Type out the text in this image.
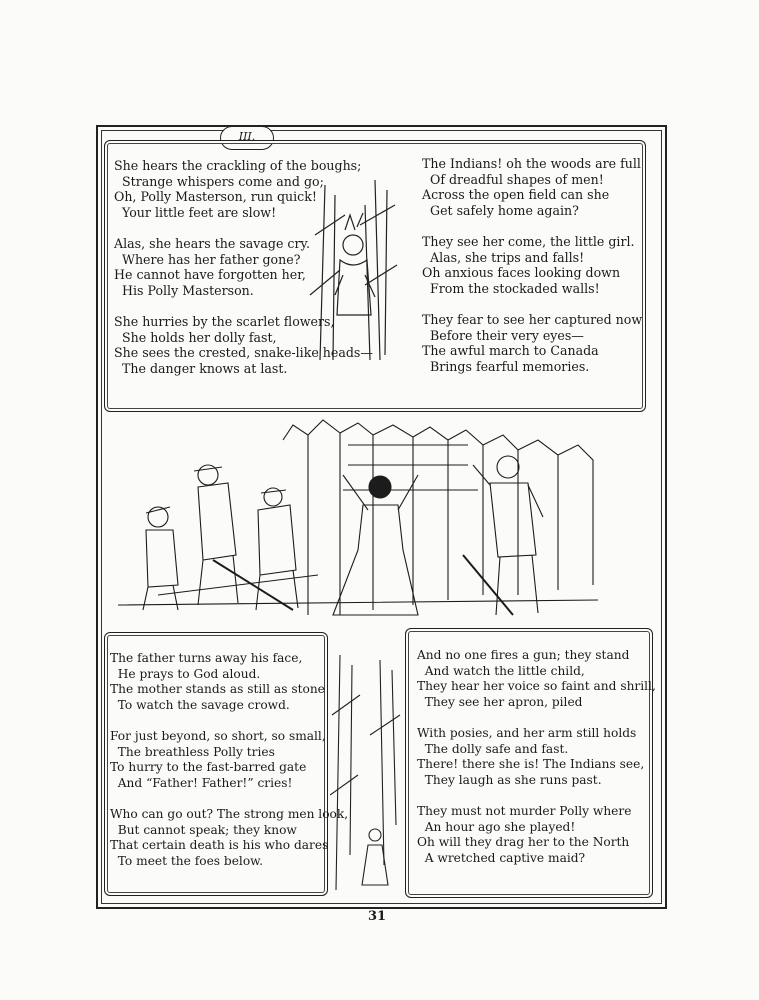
III.
She hears the crackling of the boughs;
Strange whispers come and go;
Oh, Polly Masterson, run quick!
Your little feet are slow!

Alas, she hears the savage cry.
Where has her father gone?
He cannot have forgotten her,
His Polly Masterson.

She hurries by the scarlet flowers,
She holds her dolly fast,
She sees the crested, snake-like heads—
The danger knows at last.
The Indians! oh the woods are full
Of dreadful shapes of men!
Across the open field can she
Get safely home again?

They see her come, the little girl.
Alas, she trips and falls!
Oh anxious faces looking down
From the stockaded walls!

They fear to see her captured now
Before their very eyes—
The awful march to Canada
Brings fearful memories.
The father turns away his face,
He prays to God aloud.
The mother stands as still as stone
To watch the savage crowd.

For just beyond, so short, so small,
The breathless Polly tries
To hurry to the fast-barred gate
And “Father! Father!” cries!

Who can go out? The strong men look,
But cannot speak; they know
That certain death is his who dares
To meet the foes below.
And no one fires a gun; they stand
And watch the little child,
They hear her voice so faint and shrill,
They see her apron, piled

With posies, and her arm still holds
The dolly safe and fast.
There! there she is! The Indians see,
They laugh as she runs past.

They must not murder Polly where
An hour ago she played!
Oh will they drag her to the North
A wretched captive maid?
31
